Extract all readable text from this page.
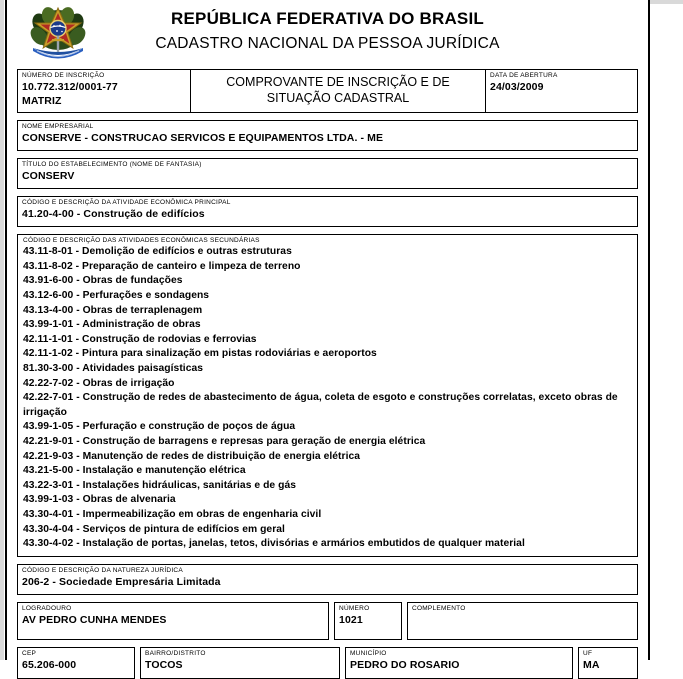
REPÚBLICA FEDERATIVA DO BRASIL
CADASTRO NACIONAL DA PESSOA JURÍDICA
NÚMERO DE INSCRIÇÃO
10.772.312/0001-77
MATRIZ
COMPROVANTE DE INSCRIÇÃO E DE SITUAÇÃO CADASTRAL
DATA DE ABERTURA
24/03/2009
NOME EMPRESARIAL
CONSERVE - CONSTRUCAO SERVICOS E EQUIPAMENTOS LTDA. - ME
TÍTULO DO ESTABELECIMENTO (NOME DE FANTASIA)
CONSERV
CÓDIGO E DESCRIÇÃO DA ATIVIDADE ECONÔMICA PRINCIPAL
41.20-4-00 - Construção de edifícios
CÓDIGO E DESCRIÇÃO DAS ATIVIDADES ECONÔMICAS SECUNDÁRIAS
43.11-8-01 - Demolição de edifícios e outras estruturas
43.11-8-02 - Preparação de canteiro e limpeza de terreno
43.91-6-00 - Obras de fundações
43.12-6-00 - Perfurações e sondagens
43.13-4-00 - Obras de terraplenagem
43.99-1-01 - Administração de obras
42.11-1-01 - Construção de rodovias e ferrovias
42.11-1-02 - Pintura para sinalização em pistas rodoviárias e aeroportos
81.30-3-00 - Atividades paisagísticas
42.22-7-02 - Obras de irrigação
42.22-7-01 - Construção de redes de abastecimento de água, coleta de esgoto e construções correlatas, exceto obras de irrigação
43.99-1-05 - Perfuração e construção de poços de água
42.21-9-01 - Construção de barragens e represas para geração de energia elétrica
42.21-9-03 - Manutenção de redes de distribuição de energia elétrica
43.21-5-00 - Instalação e manutenção elétrica
43.22-3-01 - Instalações hidráulicas, sanitárias e de gás
43.99-1-03 - Obras de alvenaria
43.30-4-01 - Impermeabilização em obras de engenharia civil
43.30-4-04 - Serviços de pintura de edifícios em geral
43.30-4-02 - Instalação de portas, janelas, tetos, divisórias e armários embutidos de qualquer material
CÓDIGO E DESCRIÇÃO DA NATUREZA JURÍDICA
206-2 - Sociedade Empresária Limitada
LOGRADOURO
AV PEDRO CUNHA MENDES
NÚMERO
1021
COMPLEMENTO
CEP
65.206-000
BAIRRO/DISTRITO
TOCOS
MUNICÍPIO
PEDRO DO ROSARIO
UF
MA
